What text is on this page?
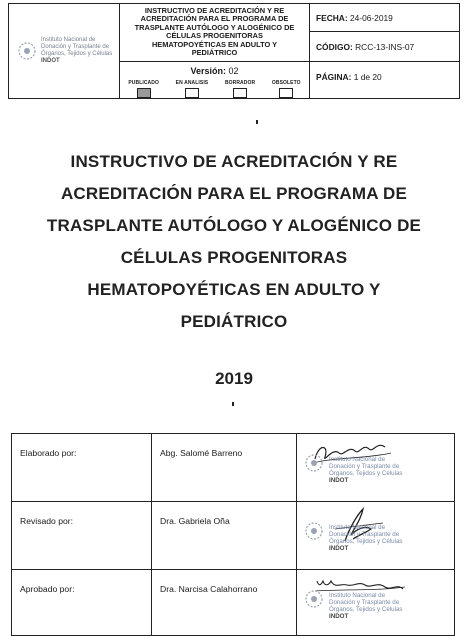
Instituto Nacional de
Donación y Trasplante de
Órganos, Tejidos y Células
INDOT
INSTRUCTIVO DE ACREDITACIÓN Y RE
ACREDITACIÓN PARA EL PROGRAMA DE
TRASPLANTE AUTÓLOGO Y ALOGÉNICO DE
CÉLULAS PROGENITORAS
HEMATOPOYÉTICAS EN ADULTO Y
PEDIÁTRICO
FECHA:
24-06-2019
CÓDIGO:
RCC-13-INS-07
Versión: 02
PUBLICADO	EN ANALISIS	BORRADOR	OBSOLETO
PÁGINA:
1 de 20
INSTRUCTIVO DE ACREDITACIÓN Y RE
ACREDITACIÓN PARA EL PROGRAMA DE
TRASPLANTE AUTÓLOGO Y ALOGÉNICO DE
CÉLULAS PROGENITORAS
HEMATOPOYÉTICAS EN ADULTO Y
PEDIÁTRICO
2019
Elaborado por:	Abg. Salomé Barreno
Instituto Nacional de
Donación y Trasplante de
Órganos, Tejidos y Células
INDOT
Revisado por:	Dra. Gabriela Oña
Instituto Nacional de
Donación y Trasplante de
Órganos, Tejidos y Células
INDOT
Aprobado por:	Dra. Narcisa Calahorrano
Instituto Nacional de
Donación y Trasplante de
Órganos, Tejidos y Células
INDOT
